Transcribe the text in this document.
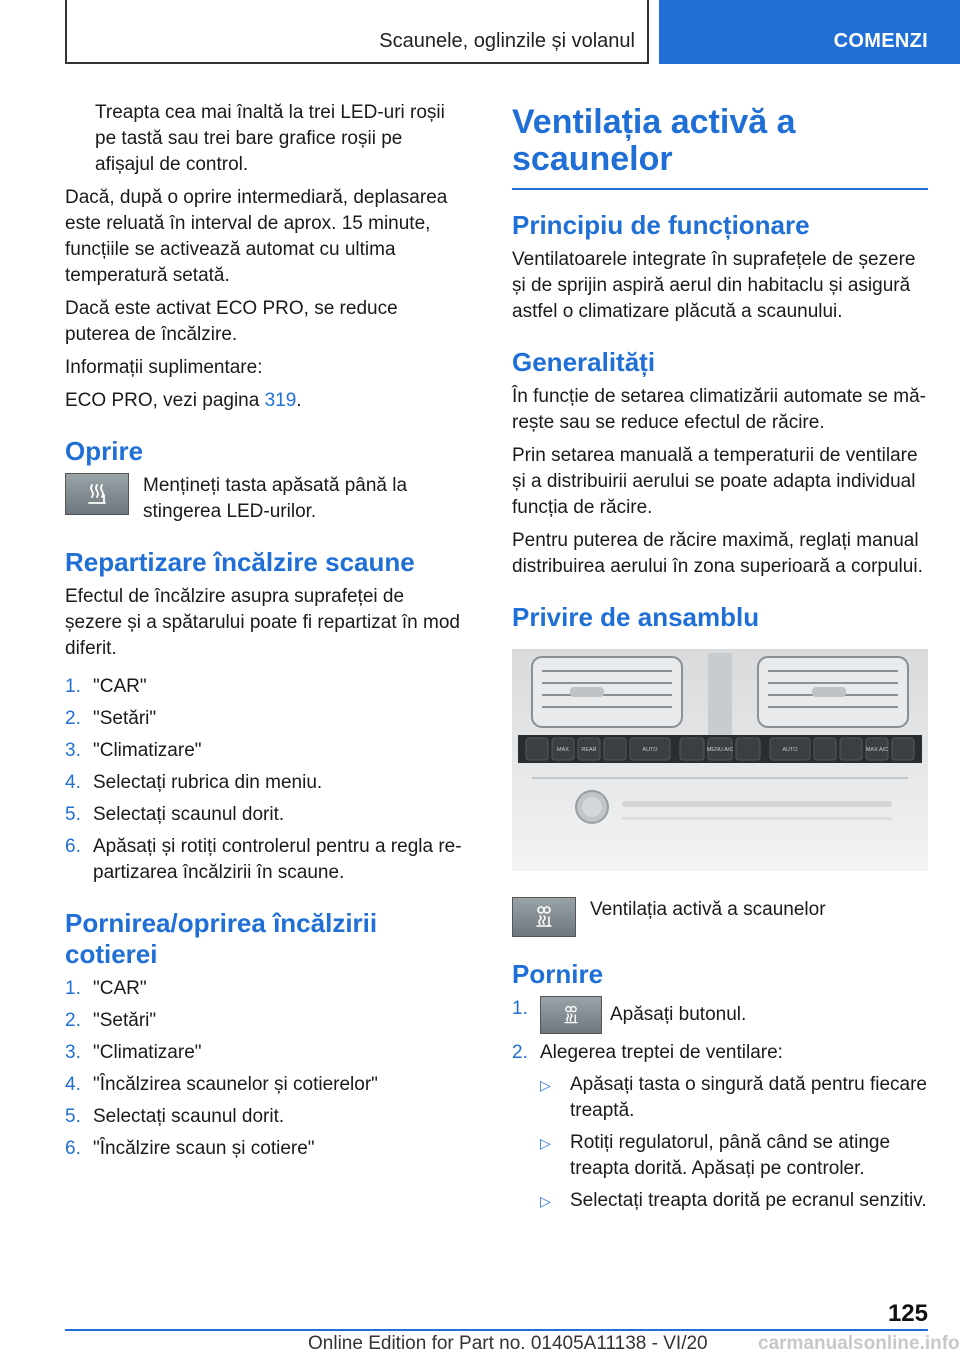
Scaunele, oglinzile și volanul	COMENZI

Treapta cea mai înaltă la trei LED-uri roșii pe tastă sau trei bare grafice roșii pe afișajul de control.

Dacă, după o oprire intermediară, deplasarea este reluată în interval de aprox. 15 minute, funcțiile se activează automat cu ultima temperatură setată.

Dacă este activat ECO PRO, se reduce puterea de încălzire.

Informații suplimentare:

ECO PRO, vezi pagina 319.

Oprire
Mențineți tasta apăsată până la stingerea LED-urilor.
Repartizare încălzire scaune

Efectul de încălzire asupra suprafeței de șezere și a spătarului poate fi repartizat în mod diferit.

1. "CAR"
2. "Setări"
3. "Climatizare"
4. Selectați rubrica din meniu.
5. Selectați scaunul dorit.
6. Apăsați și rotiți controlerul pentru a regla repartizarea încălzirii în scaune.
Pornirea/oprirea încălzirii cotierei
1. "CAR"
2. "Setări"
3. "Climatizare"
4. "Încălzirea scaunelor și cotierelor"
5. Selectați scaunul dorit.
6. "Încălzire scaun și cotiere"
Ventilația activă a scaunelor
Principiu de funcționare

Ventilatoarele integrate în suprafețele de șezere și de sprijin aspiră aerul din habitaclu și asigură astfel o climatizare plăcută a scaunului.

Generalități

În funcție de setarea climatizării automate se mărește sau se reduce efectul de răcire.

Prin setarea manuală a temperaturii de ventilare și a distribuirii aerului se poate adapta individual funcția de răcire.

Pentru puterea de răcire maximă, reglați manual distribuirea aerului în zona superioară a corpului.

Privire de ansamblu
MAX REAR	AUTO	MENU A/C	AUTO	MAX A/C
Ventilația activă a scaunelor
Pornire
1.	Apăsați butonul.
2. Alegerea treptei de ventilare:
▷	Apăsați tasta o singură dată pentru fiecare treaptă.
▷	Rotiți regulatorul, până când se atinge treapta dorită. Apăsați pe controler.
▷	Selectați treapta dorită pe ecranul senzitiv.
125
Online Edition for Part no. 01405A11138 - VI/20	carmanualsonline.info
